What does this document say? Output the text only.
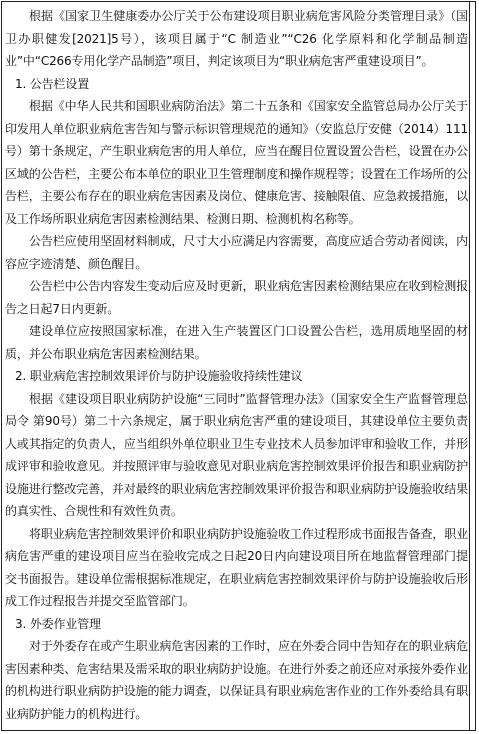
根据《国家卫生健康委办公厅关于公布建设项目职业病危害风险分类管理目录》（国卫办职健发[2021]5号），该项目属于“C 制造业”“C26 化学原料和化学制品制造业”中“C266专用化学产品制造”项目，判定该项目为“职业病危害严重建设项目”。

1. 公告栏设置

根据《中华人民共和国职业病防治法》第二十五条和《国家安全监管总局办公厅关于印发用人单位职业病危害告知与警示标识管理规范的通知》（安监总厅安健（2014）111号）第十条规定，产生职业病危害的用人单位，应当在醒目位置设置公告栏，设置在办公区域的公告栏，主要公布本单位的职业卫生管理制度和操作规程等；设置在工作场所的公告栏，主要公布存在的职业病危害因素及岗位、健康危害、接触限值、应急救援措施，以及工作场所职业病危害因素检测结果、检测日期、检测机构名称等。

公告栏应使用坚固材料制成，尺寸大小应满足内容需要，高度应适合劳动者阅读，内容应字迹清楚、颜色醒目。

公告栏中公告内容发生变动后应及时更新，职业病危害因素检测结果应在收到检测报告之日起7日内更新。

建设单位应按照国家标准，在进入生产装置区门口设置公告栏，选用质地坚固的材质，并公布职业病危害因素检测结果。

2. 职业病危害控制效果评价与防护设施验收持续性建议

根据《建设项目职业病防护设施“三同时”监督管理办法》（国家安全生产监督管理总局令 第90号）第二十六条规定，属于职业病危害严重的建设项目，其建设单位主要负责人或其指定的负责人，应当组织外单位职业卫生专业技术人员参加评审和验收工作，并形成评审和验收意见。并按照评审与验收意见对职业病危害控制效果评价报告和职业病防护设施进行整改完善，并对最终的职业病危害控制效果评价报告和职业病防护设施验收结果的真实性、合规性和有效性负责。

将职业病危害控制效果评价和职业病防护设施验收工作过程形成书面报告备查，职业病危害严重的建设项目应当在验收完成之日起20日内向建设项目所在地监督管理部门提交书面报告。建设单位需根据标准规定，在职业病危害控制效果评价与防护设施验收后形成工作过程报告并提交至监管部门。

3. 外委作业管理

对于外委存在或产生职业病危害因素的工作时，应在外委合同中告知存在的职业病危害因素种类、危害结果及需采取的职业病防护设施。在进行外委之前还应对承接外委作业的机构进行职业病防护设施的能力调查，以保证具有职业病危害作业的工作外委给具有职业病防护能力的机构进行。
